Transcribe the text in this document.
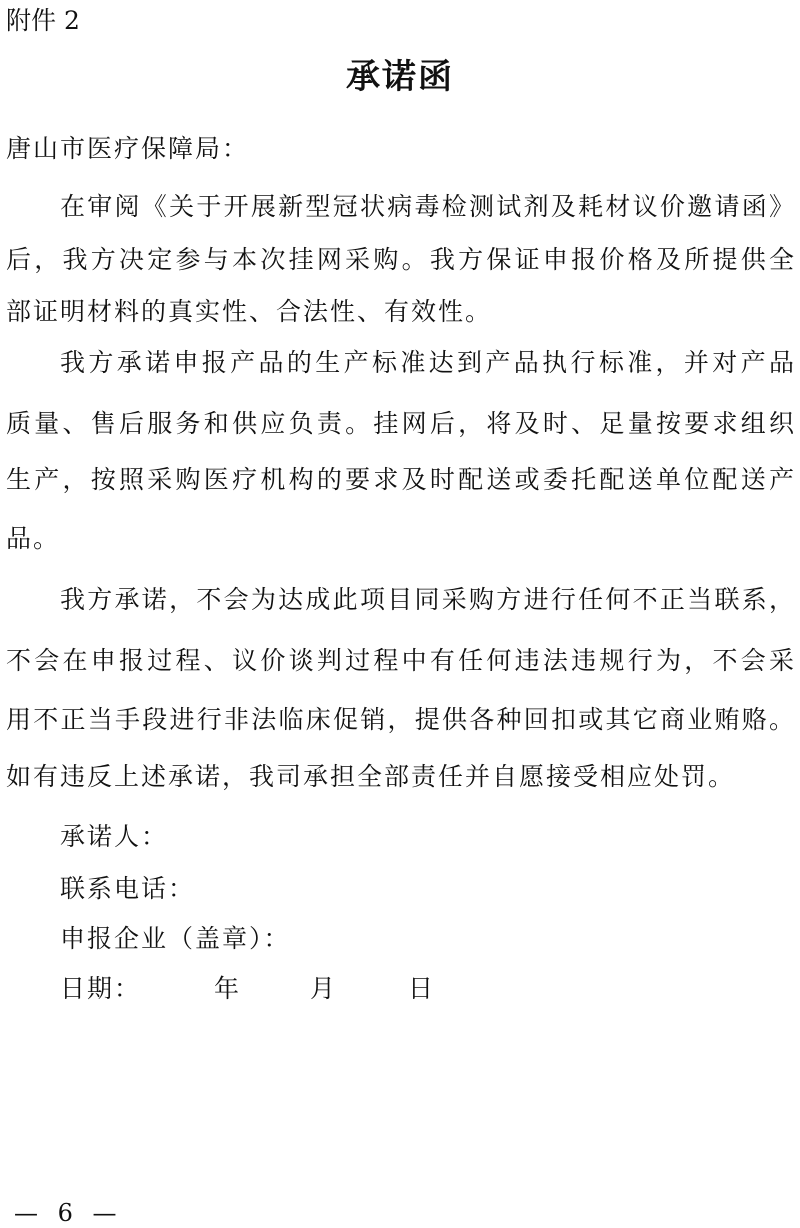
附件 2
承诺函
唐山市医疗保障局：
在审阅《关于开展新型冠状病毒检测试剂及耗材议价邀请函》
后，我方决定参与本次挂网采购。我方保证申报价格及所提供全
部证明材料的真实性、合法性、有效性。
我方承诺申报产品的生产标准达到产品执行标准，并对产品
质量、售后服务和供应负责。挂网后，将及时、足量按要求组织
生产，按照采购医疗机构的要求及时配送或委托配送单位配送产
品。
我方承诺，不会为达成此项目同采购方进行任何不正当联系，
不会在申报过程、议价谈判过程中有任何违法违规行为，不会采
用不正当手段进行非法临床促销，提供各种回扣或其它商业贿赂。
如有违反上述承诺，我司承担全部责任并自愿接受相应处罚。
承诺人：
联系电话：
申报企业（盖章）：
日期：	年	月	日
— 6 —
